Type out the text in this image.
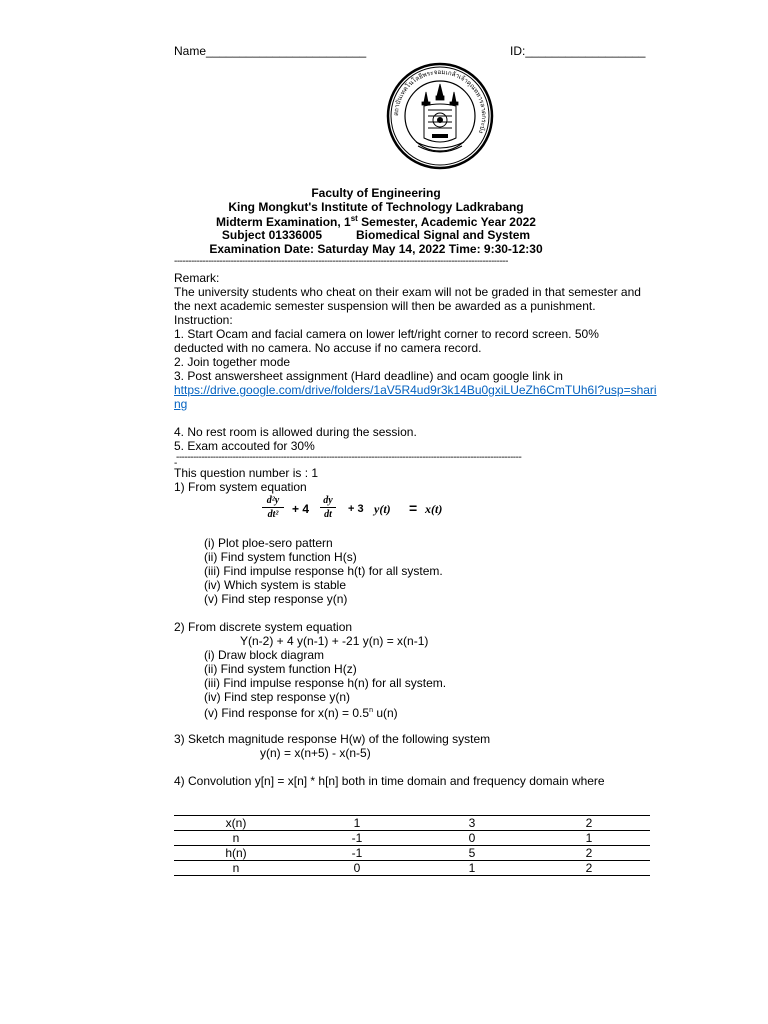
Name________________________	ID:__________________
สถาบันเทคโนโลยีพระจอมเกล้าเจ้าคุณทหารลาดกระบัง
Faculty of Engineering
King Mongkut's Institute of Technology Ladkrabang
Midterm Examination, 1st Semester, Academic Year 2022
Subject 01336005	Biomedical Signal and System
Examination Date: Saturday May 14, 2022 Time: 9:30-12:30
----------------------------------------------------------------------------------------------------------------------
Remark:
The university students who cheat on their exam will not be graded in that semester and
the next academic semester suspension will then be awarded as a punishment.
Instruction:
1. Start Ocam and facial camera on lower left/right corner to record screen. 50%
deducted with no camera. No accuse if no camera record.
2. Join together mode
3. Post answersheet assignment (Hard deadline) and ocam google link in
https://drive.google.com/drive/folders/1aV5R4ud9r3k14Bu0gxiLUeZh6CmTUh6I?usp=shari
ng
4. No rest room is allowed during the session.
5. Exam accouted for 30%
--------------------------------------------------------------------------------------------------------------------------
-
This question number is : 1
1) From system equation
d²y
dt²	+ 4
dy
dt	+ 3 y(t) = x(t)
(i) Plot ploe-sero pattern
(ii) Find system function H(s)
(iii) Find impulse response h(t) for all system.
(iv) Which system is stable
(v) Find step response y(n)
2) From discrete system equation
Y(n-2) + 4 y(n-1) + -21 y(n) = x(n-1)
(i) Draw block diagram
(ii) Find system function H(z)
(iii) Find impulse response h(n) for all system.
(iv) Find step response y(n)
(v) Find response for $x(n) = 0.5^n$ u(n)
3) Sketch magnitude response H(w) of the following system
y(n) = x(n+5) - x(n-5)
4) Convolution y[n] = x[n] * h[n] both in time domain and frequency domain where
x(n)	1	3	2
n	-1	0	1
h(n)	-1	5	2
n	0	1	2
